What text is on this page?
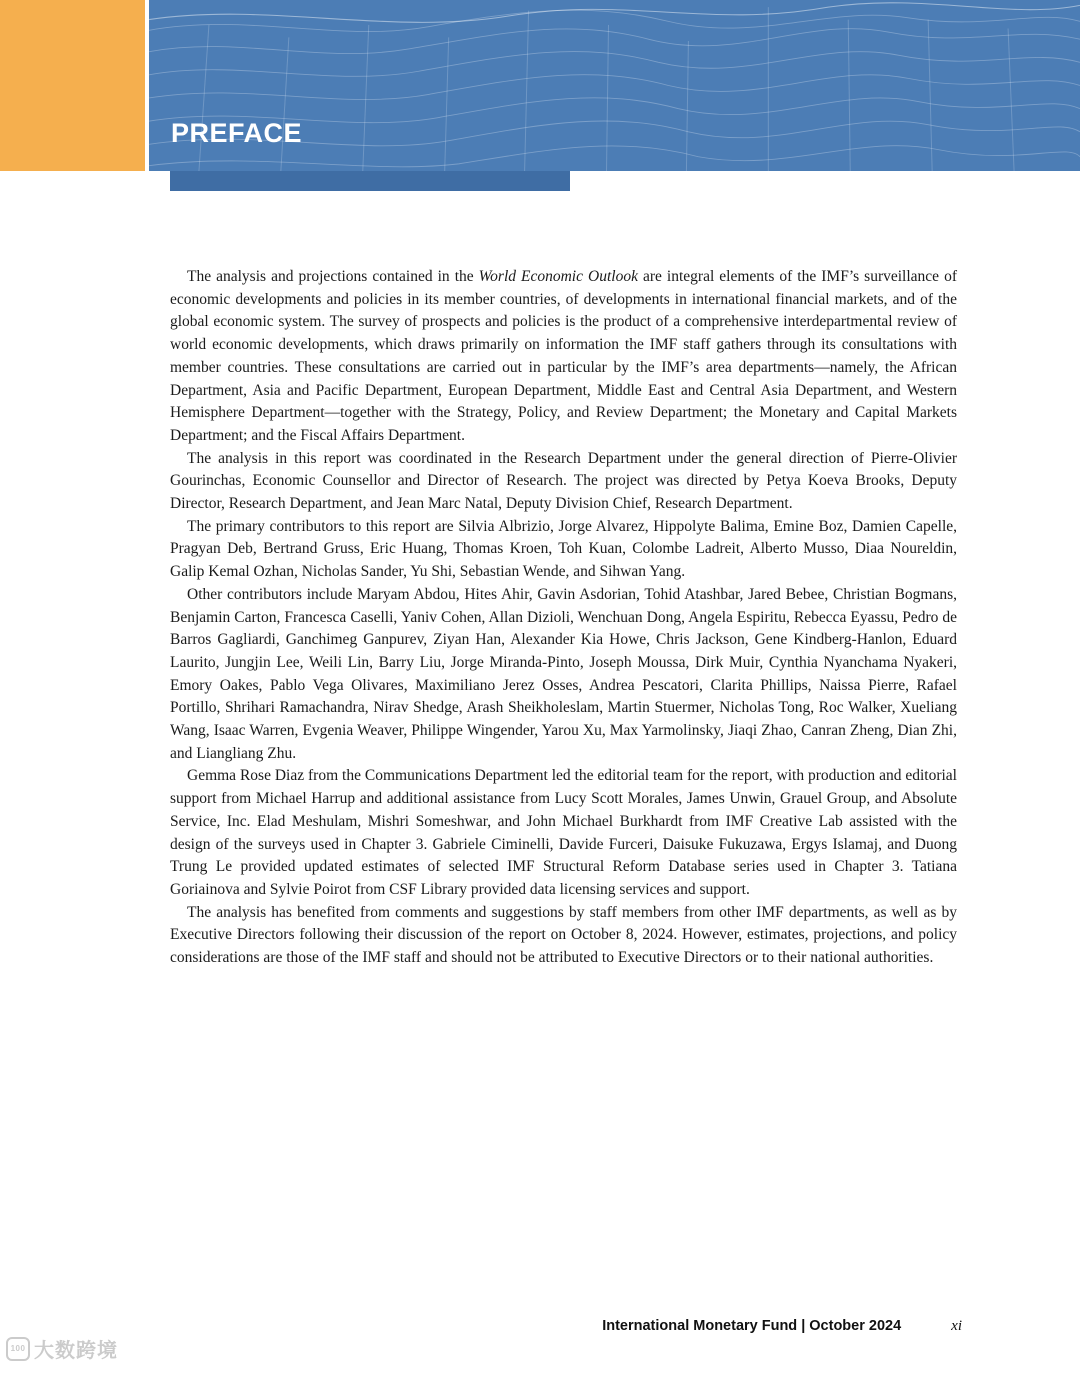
PREFACE

The analysis and projections contained in the World Economic Outlook are integral elements of the IMF’s surveillance of economic developments and policies in its member countries, of developments in international financial markets, and of the global economic system. The survey of prospects and policies is the product of a comprehensive interdepartmental review of world economic developments, which draws primarily on information the IMF staff gathers through its consultations with member countries. These consultations are carried out in particular by the IMF’s area departments—namely, the African Department, Asia and Pacific Department, European Department, Middle East and Central Asia Department, and Western Hemisphere Department—together with the Strategy, Policy, and Review Department; the Monetary and Capital Markets Department; and the Fiscal Affairs Department.

The analysis in this report was coordinated in the Research Department under the general direction of Pierre-Olivier Gourinchas, Economic Counsellor and Director of Research. The project was directed by Petya Koeva Brooks, Deputy Director, Research Department, and Jean Marc Natal, Deputy Division Chief, Research Department.

The primary contributors to this report are Silvia Albrizio, Jorge Alvarez, Hippolyte Balima, Emine Boz, Damien Capelle, Pragyan Deb, Bertrand Gruss, Eric Huang, Thomas Kroen, Toh Kuan, Colombe Ladreit, Alberto Musso, Diaa Noureldin, Galip Kemal Ozhan, Nicholas Sander, Yu Shi, Sebastian Wende, and Sihwan Yang.

Other contributors include Maryam Abdou, Hites Ahir, Gavin Asdorian, Tohid Atashbar, Jared Bebee, Christian Bogmans, Benjamin Carton, Francesca Caselli, Yaniv Cohen, Allan Dizioli, Wenchuan Dong, Angela Espiritu, Rebecca Eyassu, Pedro de Barros Gagliardi, Ganchimeg Ganpurev, Ziyan Han, Alexander Kia Howe, Chris Jackson, Gene Kindberg-Hanlon, Eduard Laurito, Jungjin Lee, Weili Lin, Barry Liu, Jorge Miranda-Pinto, Joseph Moussa, Dirk Muir, Cynthia Nyanchama Nyakeri, Emory Oakes, Pablo Vega Olivares, Maximiliano Jerez Osses, Andrea Pescatori, Clarita Phillips, Naissa Pierre, Rafael Portillo, Shrihari Ramachandra, Nirav Shedge, Arash Sheikholeslam, Martin Stuermer, Nicholas Tong, Roc Walker, Xueliang Wang, Isaac Warren, Evgenia Weaver, Philippe Wingender, Yarou Xu, Max Yarmolinsky, Jiaqi Zhao, Canran Zheng, Dian Zhi, and Liangliang Zhu.

Gemma Rose Diaz from the Communications Department led the editorial team for the report, with production and editorial support from Michael Harrup and additional assistance from Lucy Scott Morales, James Unwin, Grauel Group, and Absolute Service, Inc. Elad Meshulam, Mishri Someshwar, and John Michael Burkhardt from IMF Creative Lab assisted with the design of the surveys used in Chapter 3. Gabriele Ciminelli, Davide Furceri, Daisuke Fukuzawa, Ergys Islamaj, and Duong Trung Le provided updated estimates of selected IMF Structural Reform Database series used in Chapter 3. Tatiana Goriainova and Sylvie Poirot from CSF Library provided data licensing services and support.

The analysis has benefited from comments and suggestions by staff members from other IMF departments, as well as by Executive Directors following their discussion of the report on October 8, 2024. However, estimates, projections, and policy considerations are those of the IMF staff and should not be attributed to Executive Directors or to their national authorities.

International Monetary Fund | October 2024	xi
100 大数跨境
